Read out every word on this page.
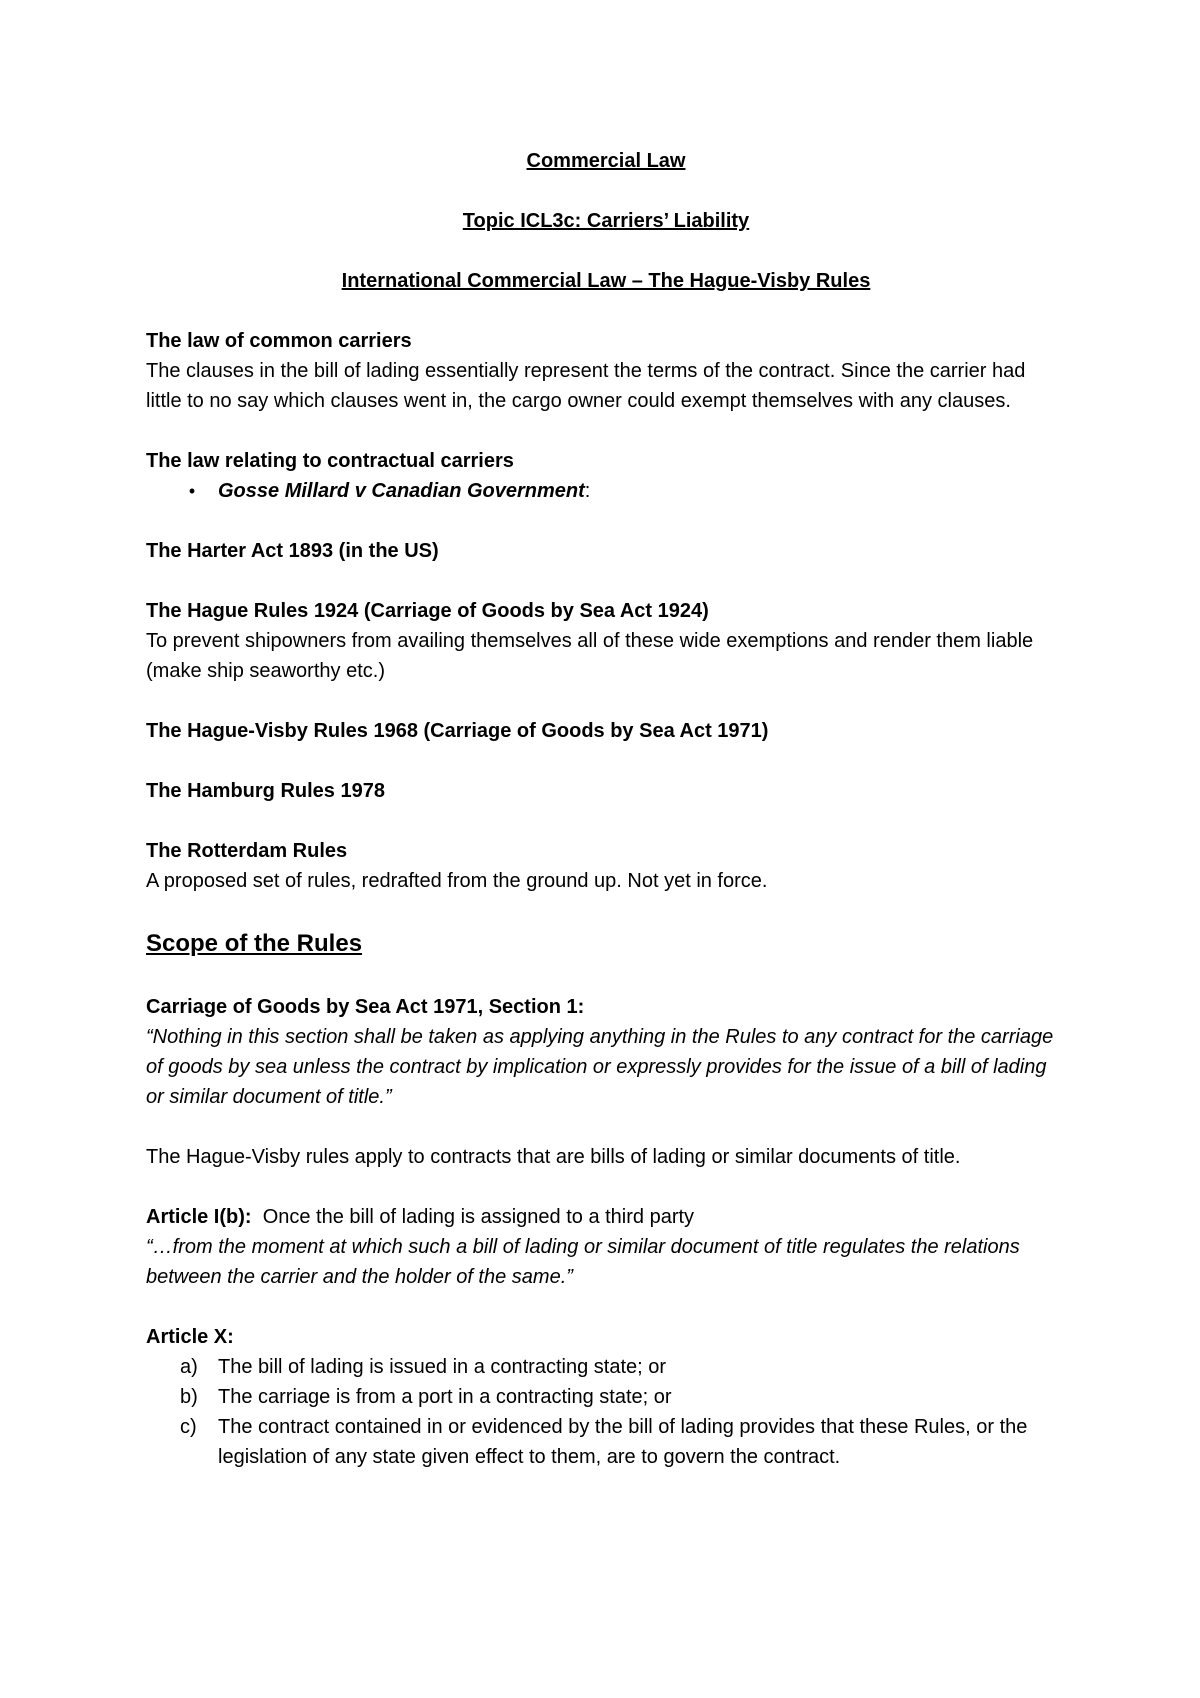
Commercial Law

Topic ICL3c: Carriers’ Liability

International Commercial Law – The Hague-Visby Rules

The law of common carriers

The clauses in the bill of lading essentially represent the terms of the contract. Since the carrier had little to no say which clauses went in, the cargo owner could exempt themselves with any clauses.

The law relating to contractual carriers

•	Gosse Millard v Canadian Government:

The Harter Act 1893 (in the US)

The Hague Rules 1924 (Carriage of Goods by Sea Act 1924)

To prevent shipowners from availing themselves all of these wide exemptions and render them liable (make ship seaworthy etc.)

The Hague-Visby Rules 1968 (Carriage of Goods by Sea Act 1971)

The Hamburg Rules 1978

The Rotterdam Rules

A proposed set of rules, redrafted from the ground up. Not yet in force.

Scope of the Rules

Carriage of Goods by Sea Act 1971, Section 1:

“Nothing in this section shall be taken as applying anything in the Rules to any contract for the carriage of goods by sea unless the contract by implication or expressly provides for the issue of a bill of lading or similar document of title.”

The Hague-Visby rules apply to contracts that are bills of lading or similar documents of title.

Article I(b): Once the bill of lading is assigned to a third party

“…from the moment at which such a bill of lading or similar document of title regulates the relations between the carrier and the holder of the same.”

Article X:

a) The bill of lading is issued in a contracting state; or
b) The carriage is from a port in a contracting state; or
c) The contract contained in or evidenced by the bill of lading provides that these Rules, or the legislation of any state given effect to them, are to govern the contract.
